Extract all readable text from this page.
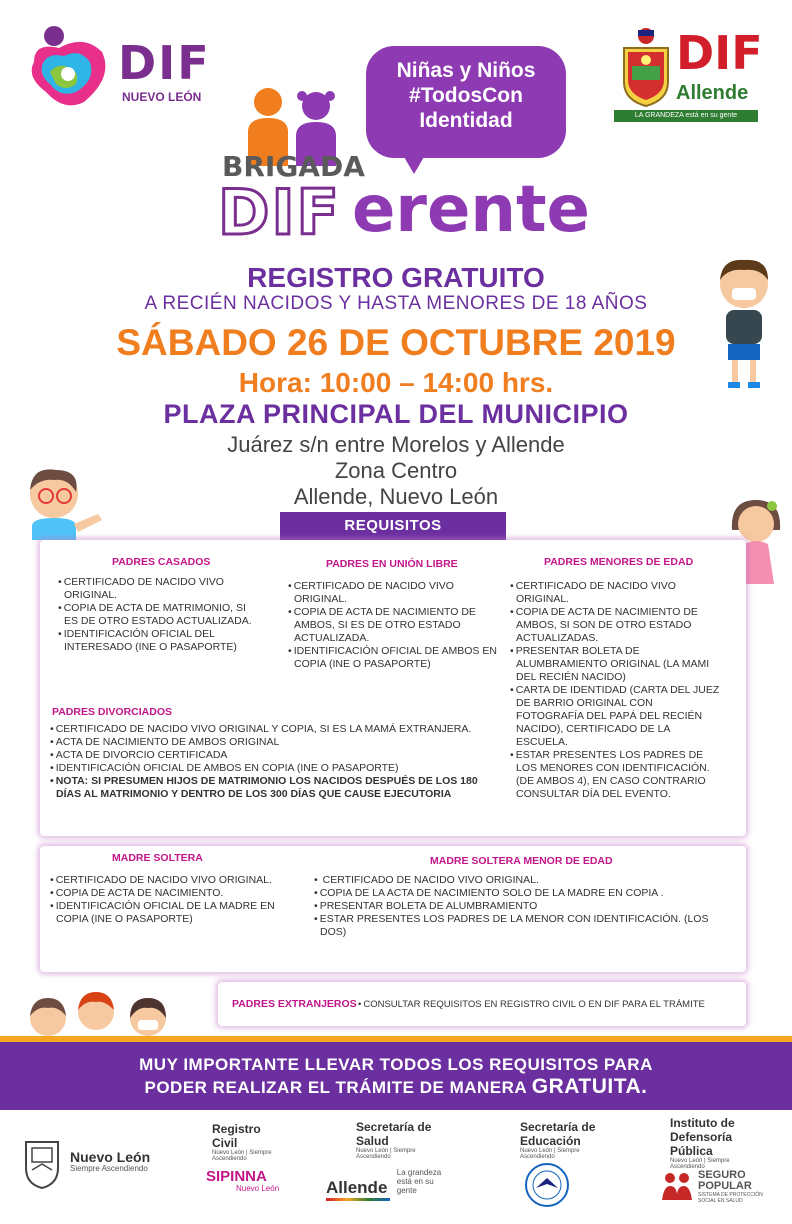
DIF
NUEVO LEÓN
DIF
Allende
LA GRANDEZA está en su gente
Niñas y Niños
#TodosCon
Identidad
BRIGADA
DIF erente
REGISTRO GRATUITO
A RECIÉN NACIDOS Y HASTA MENORES DE 18 AÑOS
SÁBADO 26 DE OCTUBRE 2019
Hora: 10:00 – 14:00 hrs.
PLAZA PRINCIPAL DEL MUNICIPIO
Juárez s/n entre Morelos y Allende
Zona Centro
Allende, Nuevo León
REQUISITOS
PADRES CASADOS
• CERTIFICADO DE NACIDO VIVO ORIGINAL.
• COPIA DE ACTA DE MATRIMONIO, SI ES DE OTRO ESTADO ACTUALIZADA.
• IDENTIFICACIÓN OFICIAL DEL INTERESADO (INE O PASAPORTE)
PADRES EN UNIÓN LIBRE
• CERTIFICADO DE NACIDO VIVO ORIGINAL.
• COPIA DE ACTA DE NACIMIENTO DE AMBOS, SI ES DE OTRO ESTADO ACTUALIZADA.
• IDENTIFICACIÓN OFICIAL DE AMBOS EN COPIA (INE O PASAPORTE)
PADRES MENORES DE EDAD
• CERTIFICADO DE NACIDO VIVO ORIGINAL.
• COPIA DE ACTA DE NACIMIENTO DE AMBOS, SI SON DE OTRO ESTADO ACTUALIZADAS.
• PRESENTAR BOLETA DE ALUMBRAMIENTO ORIGINAL (LA MAMI DEL RECIÉN NACIDO)
• CARTA DE IDENTIDAD (CARTA DEL JUEZ DE BARRIO ORIGINAL CON FOTOGRAFÍA DEL PAPÁ DEL RECIÉN NACIDO), CERTIFICADO DE LA ESCUELA.
• ESTAR PRESENTES LOS PADRES DE LOS MENORES CON IDENTIFICACIÓN. (DE AMBOS 4), EN CASO CONTRARIO CONSULTAR DÍA DEL EVENTO.
PADRES DIVORCIADOS
• CERTIFICADO DE NACIDO VIVO ORIGINAL Y COPIA, SI ES LA MAMÁ EXTRANJERA.
• ACTA DE NACIMIENTO DE AMBOS ORIGINAL
• ACTA DE DIVORCIO CERTIFICADA
• IDENTIFICACIÓN OFICIAL DE AMBOS EN COPIA (INE O PASAPORTE)
• NOTA: SI PRESUMEN HIJOS DE MATRIMONIO LOS NACIDOS DESPUÉS DE LOS 180 DÍAS AL MATRIMONIO Y DENTRO DE LOS 300 DÍAS QUE CAUSE EJECUTORIA
MADRE SOLTERA
• CERTIFICADO DE NACIDO VIVO ORIGINAL.
• COPIA DE ACTA DE NACIMIENTO.
• IDENTIFICACIÓN OFICIAL DE LA MADRE EN COPIA (INE O PASAPORTE)
MADRE SOLTERA MENOR DE EDAD
• CERTIFICADO DE NACIDO VIVO ORIGINAL.
• COPIA DE LA ACTA DE NACIMIENTO SOLO DE LA MADRE EN COPIA .
• PRESENTAR BOLETA DE ALUMBRAMIENTO
• ESTAR PRESENTES LOS PADRES DE LA MENOR CON IDENTIFICACIÓN. (LOS DOS)
PADRES EXTRANJEROS
• CONSULTAR REQUISITOS EN REGISTRO CIVIL O EN DIF PARA EL TRÁMITE
MUY IMPORTANTE LLEVAR TODOS LOS REQUISITOS PARA
PODER REALIZAR EL TRÁMITE DE MANERA GRATUITA.
Nuevo León
Siempre Ascendiendo
Registro Civil
Nuevo León | Siempre Ascendiendo
SIPINNA
Nuevo León
Secretaría de Salud
Nuevo León | Siempre Ascendiendo
Allende La grandeza está en su gente
Secretaría de Educación
Nuevo León | Siempre Ascendiendo
Instituto de Defensoría Pública
Nuevo León | Siempre Ascendiendo
SEGURO POPULAR
SISTEMA DE PROTECCIÓN SOCIAL EN SALUD
